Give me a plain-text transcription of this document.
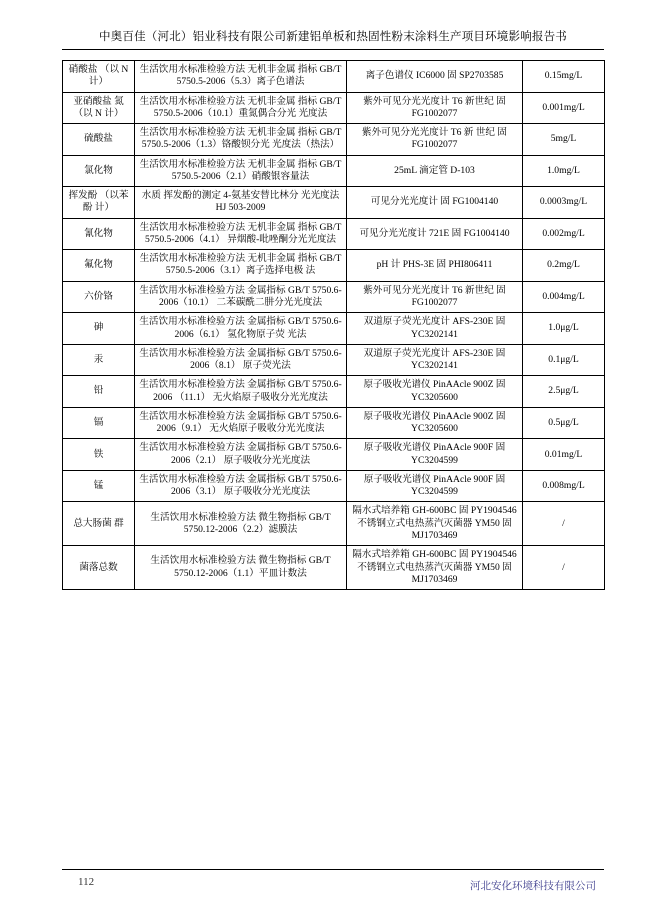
中奥百佳（河北）铝业科技有限公司新建铝单板和热固性粉末涂料生产项目环境影响报告书
硝酸盐 （以 N 计）	生活饮用水标准检验方法 无机非金属 指标 GB/T 5750.5-2006（5.3）离子色谱法	离子色谱仪 IC6000 固 SP2703585	0.15mg/L
亚硝酸盐 氮 （以 N 计）	生活饮用水标准检验方法 无机非金属 指标 GB/T 5750.5-2006（10.1）重氮偶合分光 光度法	紫外可见分光光度计 T6 新世纪 固 FG1002077	0.001mg/L
硫酸盐	生活饮用水标准检验方法 无机非金属 指标 GB/T 5750.5-2006（1.3）铬酸钡分光 光度法（热法）	紫外可见分光光度计 T6 新 世纪 固 FG1002077	5mg/L
氯化物	生活饮用水标准检验方法 无机非金属 指标 GB/T 5750.5-2006（2.1）硝酸银容量法	25mL 滴定管 D-103	1.0mg/L
挥发酚 （以苯酚 计）	水质 挥发酚的测定 4-氨基安替比林分 光光度法 HJ 503-2009	可见分光光度计 固 FG1004140	0.0003mg/L
氰化物	生活饮用水标准检验方法 无机非金属 指标 GB/T 5750.5-2006（4.1） 异烟酸-吡唑酮分光光度法	可见分光光度计 721E 固 FG1004140	0.002mg/L
氟化物	生活饮用水标准检验方法 无机非金属 指标 GB/T 5750.5-2006（3.1）离子选择电极 法	pH 计 PHS-3E 固 PHI806411	0.2mg/L
六价铬	生活饮用水标准检验方法 金属指标 GB/T 5750.6-2006（10.1） 二苯碳酰二肼分光光度法	紫外可见分光光度计 T6 新世纪 固 FG1002077	0.004mg/L
砷	生活饮用水标准检验方法 金属指标 GB/T 5750.6-2006（6.1） 氢化物原子荧 光法	双道原子荧光光度计 AFS-230E 固 YC3202141	1.0μg/L
汞	生活饮用水标准检验方法 金属指标 GB/T 5750.6-2006（8.1） 原子荧光法	双道原子荧光光度计 AFS-230E 固 YC3202141	0.1μg/L
铅	生活饮用水标准检验方法 金属指标 GB/T 5750.6-2006 （11.1） 无火焰原子吸收分光光度法	原子吸收光谱仪 PinAAcle 900Z 固 YC3205600	2.5μg/L
镉	生活饮用水标准检验方法 金属指标 GB/T 5750.6-2006（9.1） 无火焰原子吸收分光光度法	原子吸收光谱仪 PinAAcle 900Z 固 YC3205600	0.5μg/L
铁	生活饮用水标准检验方法 金属指标 GB/T 5750.6-2006（2.1） 原子吸收分光光度法	原子吸收光谱仪 PinAAcle 900F 固 YC3204599	0.01mg/L
锰	生活饮用水标准检验方法 金属指标 GB/T 5750.6-2006（3.1） 原子吸收分光光度法	原子吸收光谱仪 PinAAcle 900F 固 YC3204599	0.008mg/L
总大肠菌 群	生活饮用水标准检验方法 微生物指标 GB/T 5750.12-2006（2.2）滤膜法	隔水式培养箱 GH-600BC 固 PY1904546 不锈钢立式电热蒸汽灭菌器 YM50 固 MJ1703469	/
菌落总数	生活饮用水标准检验方法 微生物指标 GB/T 5750.12-2006（1.1）平皿计数法	隔水式培养箱 GH-600BC 固 PY1904546 不锈钢立式电热蒸汽灭菌器 YM50 固 MJ1703469	/
112	河北安化环境科技有限公司
